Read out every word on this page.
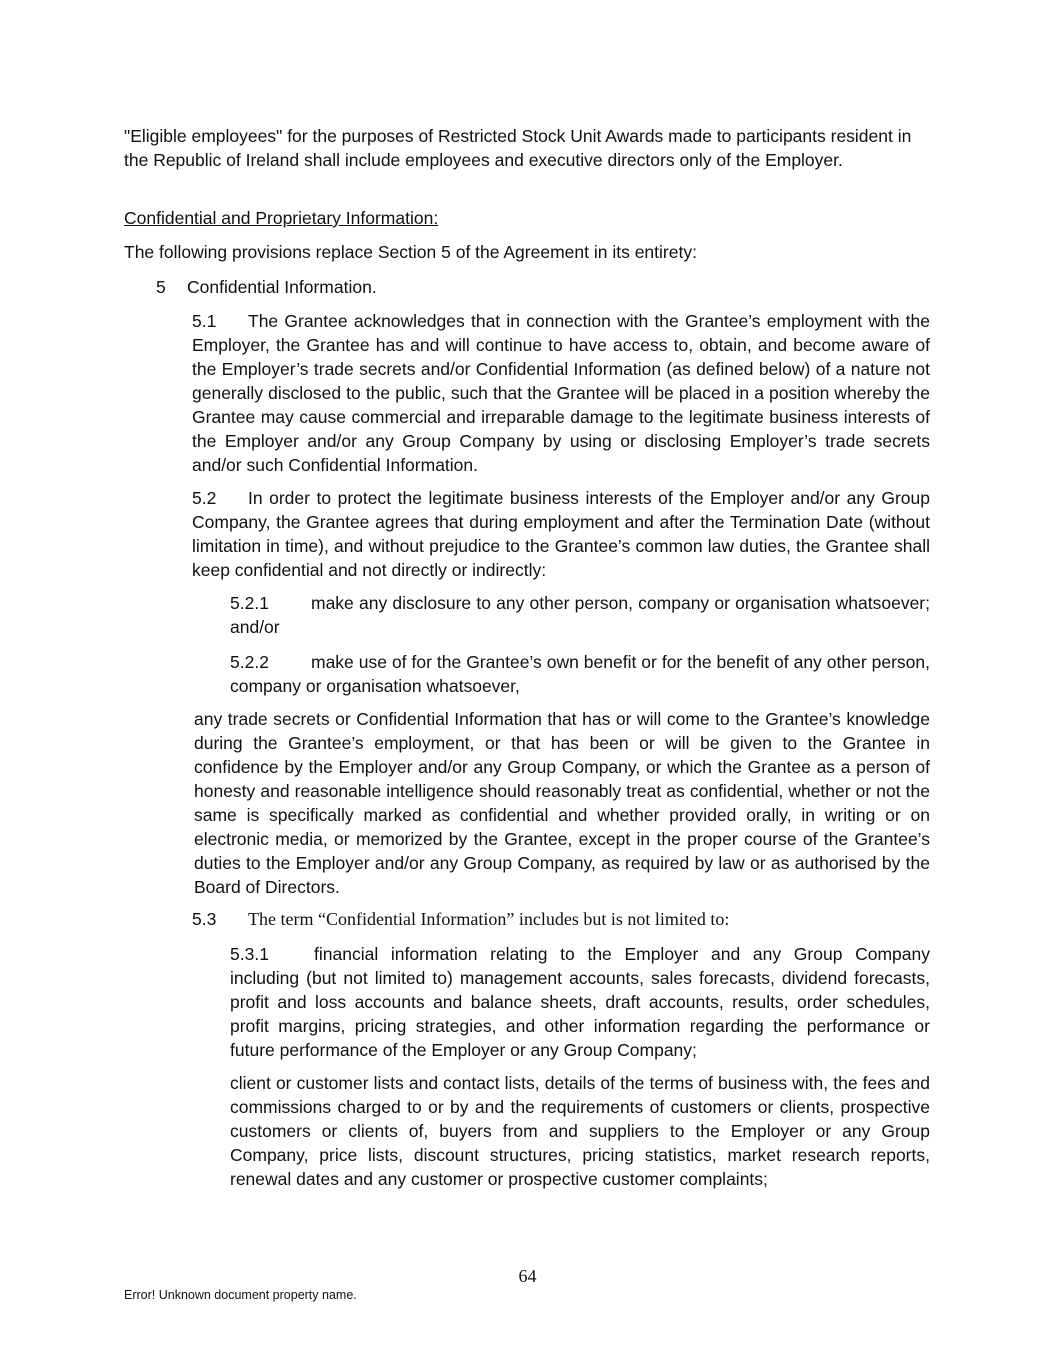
"Eligible employees" for the purposes of Restricted Stock Unit Awards made to participants resident in the Republic of Ireland shall include employees and executive directors only of the Employer.

Confidential and Proprietary Information:

The following provisions replace Section 5 of the Agreement in its entirety:

5 Confidential Information.

5.1 The Grantee acknowledges that in connection with the Grantee’s employment with the Employer, the Grantee has and will continue to have access to, obtain, and become aware of the Employer’s trade secrets and/or Confidential Information (as defined below) of a nature not generally disclosed to the public, such that the Grantee will be placed in a position whereby the Grantee may cause commercial and irreparable damage to the legitimate business interests of the Employer and/or any Group Company by using or disclosing Employer’s trade secrets and/or such Confidential Information.

5.2 In order to protect the legitimate business interests of the Employer and/or any Group Company, the Grantee agrees that during employment and after the Termination Date (without limitation in time), and without prejudice to the Grantee’s common law duties, the Grantee shall keep confidential and not directly or indirectly:

5.2.1 make any disclosure to any other person, company or organisation whatsoever; and/or

5.2.2 make use of for the Grantee’s own benefit or for the benefit of any other person, company or organisation whatsoever,

any trade secrets or Confidential Information that has or will come to the Grantee’s knowledge during the Grantee’s employment, or that has been or will be given to the Grantee in confidence by the Employer and/or any Group Company, or which the Grantee as a person of honesty and reasonable intelligence should reasonably treat as confidential, whether or not the same is specifically marked as confidential and whether provided orally, in writing or on electronic media, or memorized by the Grantee, except in the proper course of the Grantee’s duties to the Employer and/or any Group Company, as required by law or as authorised by the Board of Directors.

5.3 The term “Confidential Information” includes but is not limited to:

5.3.1	financial information relating to the Employer and any Group Company including (but not limited to) management accounts, sales forecasts, dividend forecasts, profit and loss accounts and balance sheets, draft accounts, results, order schedules, profit margins, pricing strategies, and other information regarding the performance or future performance of the Employer or any Group Company;

client or customer lists and contact lists, details of the terms of business with, the fees and commissions charged to or by and the requirements of customers or clients, prospective customers or clients of, buyers from and suppliers to the Employer or any Group Company, price lists, discount structures, pricing statistics, market research reports, renewal dates and any customer or prospective customer complaints;

64
Error! Unknown document property name.
